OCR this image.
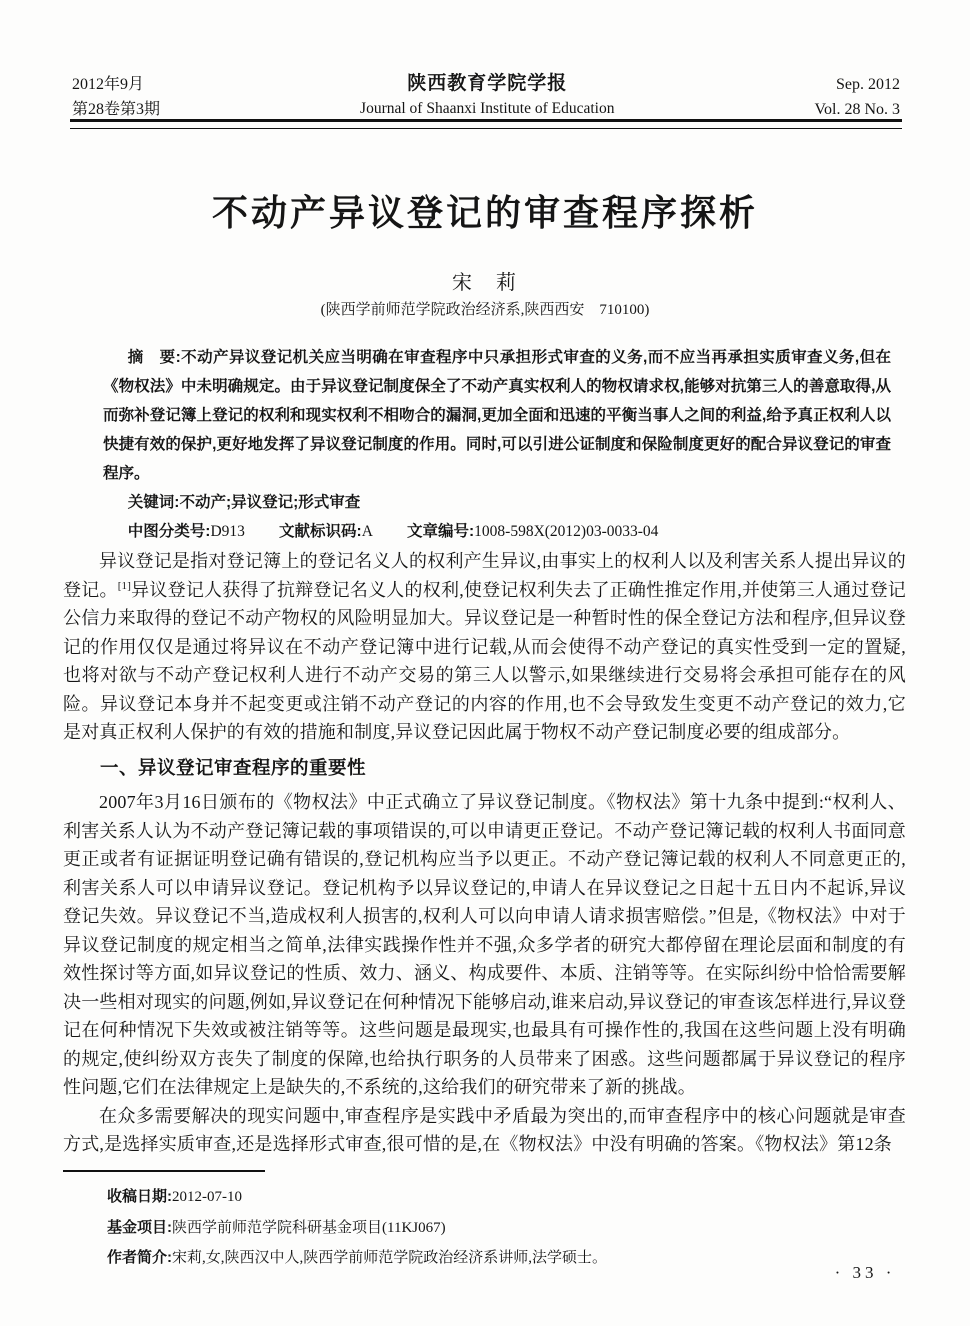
2012年9月
第28卷第3期
陕西教育学院学报
Journal of Shaanxi Institute of Education
Sep. 2012
Vol. 28 No. 3
不动产异议登记的审查程序探析
宋　莉
(陕西学前师范学院政治经济系,陕西西安　710100)

摘　要:不动产异议登记机关应当明确在审查程序中只承担形式审查的义务,而不应当再承担实质审查义务,但在《物权法》中未明确规定。由于异议登记制度保全了不动产真实权利人的物权请求权,能够对抗第三人的善意取得,从而弥补登记簿上登记的权利和现实权利不相吻合的漏洞,更加全面和迅速的平衡当事人之间的利益,给予真正权利人以快捷有效的保护,更好地发挥了异议登记制度的作用。同时,可以引进公证制度和保险制度更好的配合异议登记的审查程序。

关键词:不动产;异议登记;形式审查

中图分类号:D913 文献标识码:A 文章编号:1008-598X(2012)03-0033-04

异议登记是指对登记簿上的登记名义人的权利产生异议,由事实上的权利人以及利害关系人提出异议的登记。[1]异议登记人获得了抗辩登记名义人的权利,使登记权利失去了正确性推定作用,并使第三人通过登记公信力来取得的登记不动产物权的风险明显加大。异议登记是一种暂时性的保全登记方法和程序,但异议登记的作用仅仅是通过将异议在不动产登记簿中进行记载,从而会使得不动产登记的真实性受到一定的置疑,也将对欲与不动产登记权利人进行不动产交易的第三人以警示,如果继续进行交易将会承担可能存在的风险。异议登记本身并不起变更或注销不动产登记的内容的作用,也不会导致发生变更不动产登记的效力,它是对真正权利人保护的有效的措施和制度,异议登记因此属于物权不动产登记制度必要的组成部分。

一、异议登记审查程序的重要性

2007年3月16日颁布的《物权法》中正式确立了异议登记制度。《物权法》第十九条中提到:“权利人、利害关系人认为不动产登记簿记载的事项错误的,可以申请更正登记。不动产登记簿记载的权利人书面同意更正或者有证据证明登记确有错误的,登记机构应当予以更正。不动产登记簿记载的权利人不同意更正的,利害关系人可以申请异议登记。登记机构予以异议登记的,申请人在异议登记之日起十五日内不起诉,异议登记失效。异议登记不当,造成权利人损害的,权利人可以向申请人请求损害赔偿。”但是,《物权法》中对于异议登记制度的规定相当之简单,法律实践操作性并不强,众多学者的研究大都停留在理论层面和制度的有效性探讨等方面,如异议登记的性质、效力、涵义、构成要件、本质、注销等等。在实际纠纷中恰恰需要解决一些相对现实的问题,例如,异议登记在何种情况下能够启动,谁来启动,异议登记的审查该怎样进行,异议登记在何种情况下失效或被注销等等。这些问题是最现实,也最具有可操作性的,我国在这些问题上没有明确的规定,使纠纷双方丧失了制度的保障,也给执行职务的人员带来了困惑。这些问题都属于异议登记的程序性问题,它们在法律规定上是缺失的,不系统的,这给我们的研究带来了新的挑战。

在众多需要解决的现实问题中,审查程序是实践中矛盾最为突出的,而审查程序中的核心问题就是审查方式,是选择实质审查,还是选择形式审查,很可惜的是,在《物权法》中没有明确的答案。《物权法》第12条

收稿日期:2012-07-10

基金项目:陕西学前师范学院科研基金项目(11KJ067)

作者简介:宋莉,女,陕西汉中人,陕西学前师范学院政治经济系讲师,法学硕士。

· 33 ·
